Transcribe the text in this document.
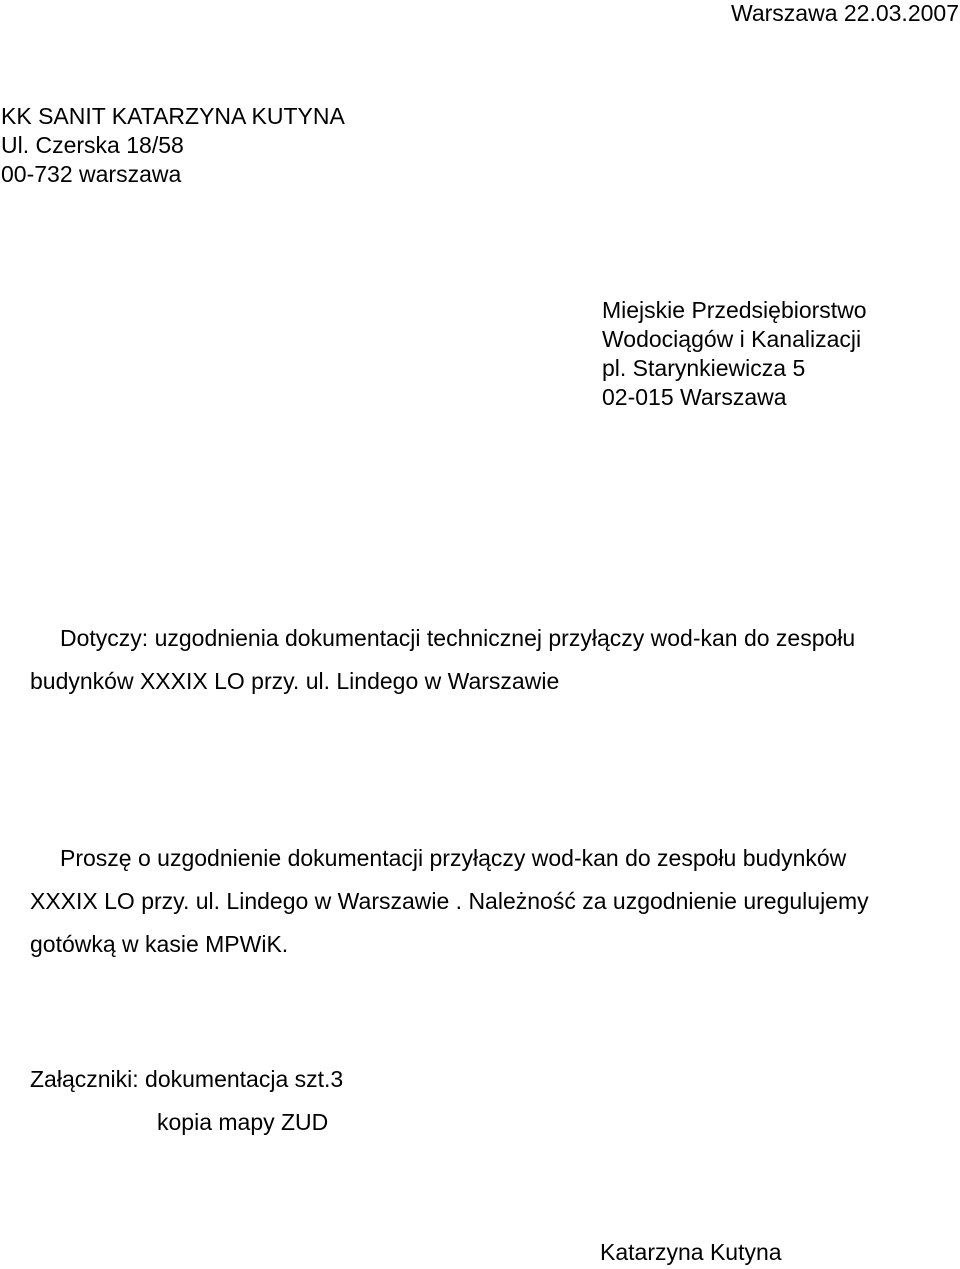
Warszawa 22.03.2007
KK SANIT KATARZYNA KUTYNA
Ul. Czerska 18/58
00-732 warszawa
Miejskie Przedsiębiorstwo
Wodociągów i Kanalizacji
pl. Starynkiewicza 5
02-015 Warszawa
Dotyczy: uzgodnienia dokumentacji technicznej przyłączy wod-kan do zespołu
budynków XXXIX LO przy. ul. Lindego w Warszawie
Proszę o uzgodnienie dokumentacji przyłączy wod-kan do zespołu budynków
XXXIX LO przy. ul. Lindego w Warszawie . Należność za uzgodnienie uregulujemy
gotówką w kasie MPWiK.
Załączniki: dokumentacja szt.3
kopia mapy ZUD
Katarzyna Kutyna
